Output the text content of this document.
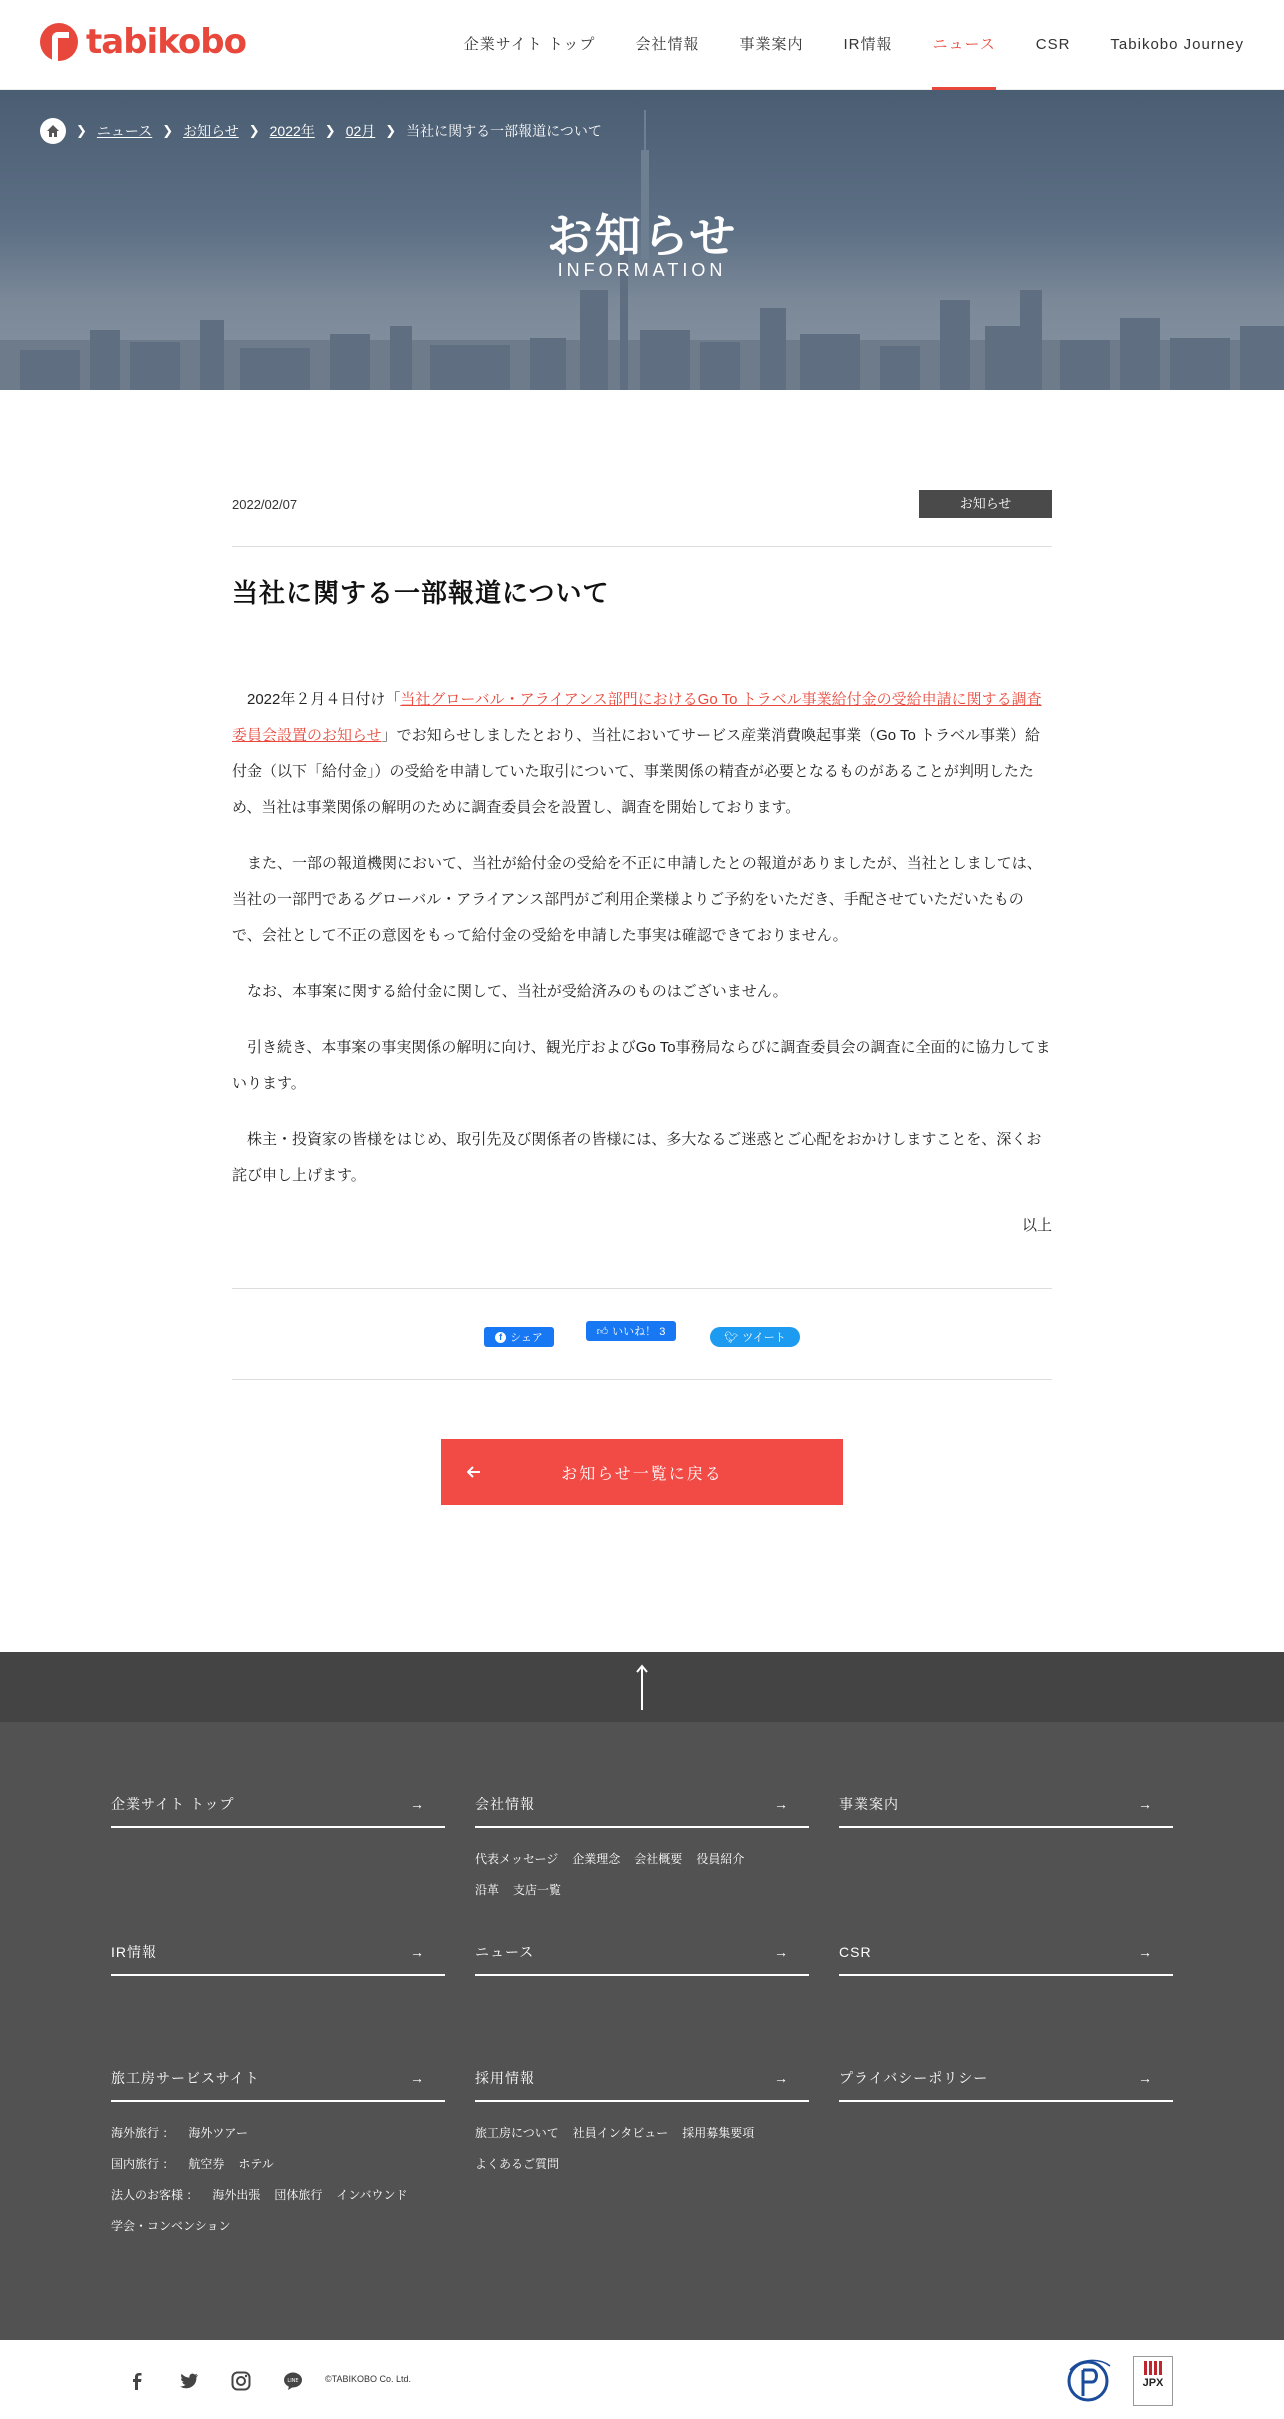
tabikobo	企業サイト トップ	会社情報	事業案内	IR情報	ニュース	CSR	Tabikobo Journey
❯ ニュース ❯ お知らせ ❯ 2022年 ❯ 02月 ❯ 当社に関する一部報道について
お知らせ
INFORMATION
2022/02/07	お知らせ
当社に関する一部報道について

2022年２月４日付け「当社グローバル・アライアンス部門におけるGo To トラベル事業給付金の受給申請に関する調査委員会設置のお知らせ」でお知らせしましたとおり、当社においてサービス産業消費喚起事業（Go To トラベル事業）給付金（以下「給付金」）の受給を申請していた取引について、事業関係の精査が必要となるものがあることが判明したため、当社は事業関係の解明のために調査委員会を設置し、調査を開始しております。

また、一部の報道機関において、当社が給付金の受給を不正に申請したとの報道がありましたが、当社としましては、当社の一部門であるグローバル・アライアンス部門がご利用企業様よりご予約をいただき、手配させていただいたもので、会社として不正の意図をもって給付金の受給を申請した事実は確認できておりません。

なお、本事案に関する給付金に関して、当社が受給済みのものはございません。

引き続き、本事案の事実関係の解明に向け、観光庁およびGo To事務局ならびに調査委員会の調査に全面的に協力してまいります。

株主・投資家の皆様をはじめ、取引先及び関係者の皆様には、多大なるご迷惑とご心配をおかけしますことを、深くお詫び申し上げます。

以上
f シェア
👍︎ いいね！ 3	🐦︎ ツイート
お知らせ一覧に戻る
企業サイト トップ	→	会社情報	→
代表メッセージ 企業理念 会社概要 役員紹介
沿革 支店一覧
事業案内	→
IR情報	→	ニュース	→	CSR	→
旅工房サービスサイト	→
海外旅行 ： 海外ツアー
国内旅行 ： 航空券 ホテル
法人のお客様 ： 海外出張 団体旅行 インバウンド
学会・コンベンション
採用情報	→
旅工房について 社員インタビュー 採用募集要項
よくあるご質問
プライバシーポリシー	→
LINE	©TABIKOBO Co. Ltd.	JPX
